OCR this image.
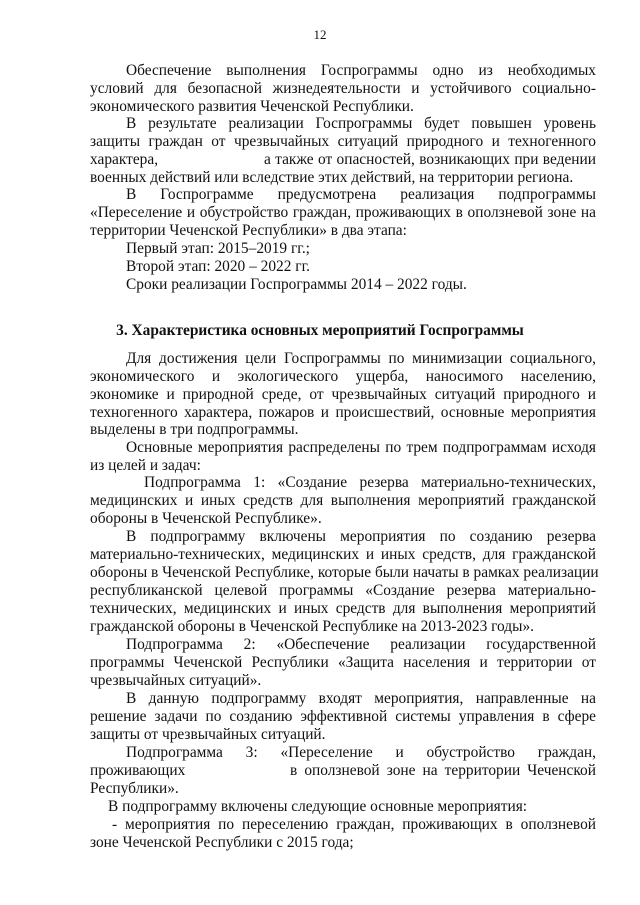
12
Обеспечение выполнения Госпрограммы одно из необходимых
условий для безопасной жизнедеятельности и устойчивого социально-
экономического развития Чеченской Республики.
В результате реализации Госпрограммы будет повышен уровень
защиты граждан от чрезвычайных ситуаций природного и техногенного
характера,	а также от опасностей, возникающих при ведении
военных действий или вследствие этих действий, на территории региона.
В Госпрограмме предусмотрена реализация подпрограммы
«Переселение и обустройство граждан, проживающих в оползневой зоне на
территории Чеченской Республики» в два этапа:
Первый этап: 2015–2019 гг.;
Второй этап: 2020 – 2022 гг.
Сроки реализации Госпрограммы 2014 – 2022 годы.
3. Характеристика основных мероприятий Госпрограммы
Для достижения цели Госпрограммы по минимизации социального,
экономического и экологического ущерба, наносимого населению,
экономике и природной среде, от чрезвычайных ситуаций природного и
техногенного характера, пожаров и происшествий, основные мероприятия
выделены в три подпрограммы.
Основные мероприятия распределены по трем подпрограммам исходя
из целей и задач:
Подпрограмма 1: «Создание резерва материально-технических,
медицинских и иных средств для выполнения мероприятий гражданской
обороны в Чеченской Республике».
В подпрограмму включены мероприятия по созданию резерва
материально-технических, медицинских и иных средств, для гражданской
обороны в Чеченской Республике, которые были начаты в рамках реализации
республиканской целевой программы «Создание резерва материально-
технических, медицинских и иных средств для выполнения мероприятий
гражданской обороны в Чеченской Республике на 2013-2023 годы».
Подпрограмма 2: «Обеспечение реализации государственной
программы Чеченской Республики «Защита населения и территории от
чрезвычайных ситуаций».
В данную подпрограмму входят мероприятия, направленные на
решение задачи по созданию эффективной системы управления в сфере
защиты от чрезвычайных ситуаций.
Подпрограмма 3: «Переселение и обустройство граждан,
проживающих	в оползневой зоне на территории Чеченской
Республики».
В подпрограмму включены следующие основные мероприятия:
- мероприятия по переселению граждан, проживающих в оползневой
зоне Чеченской Республики с 2015 года;
